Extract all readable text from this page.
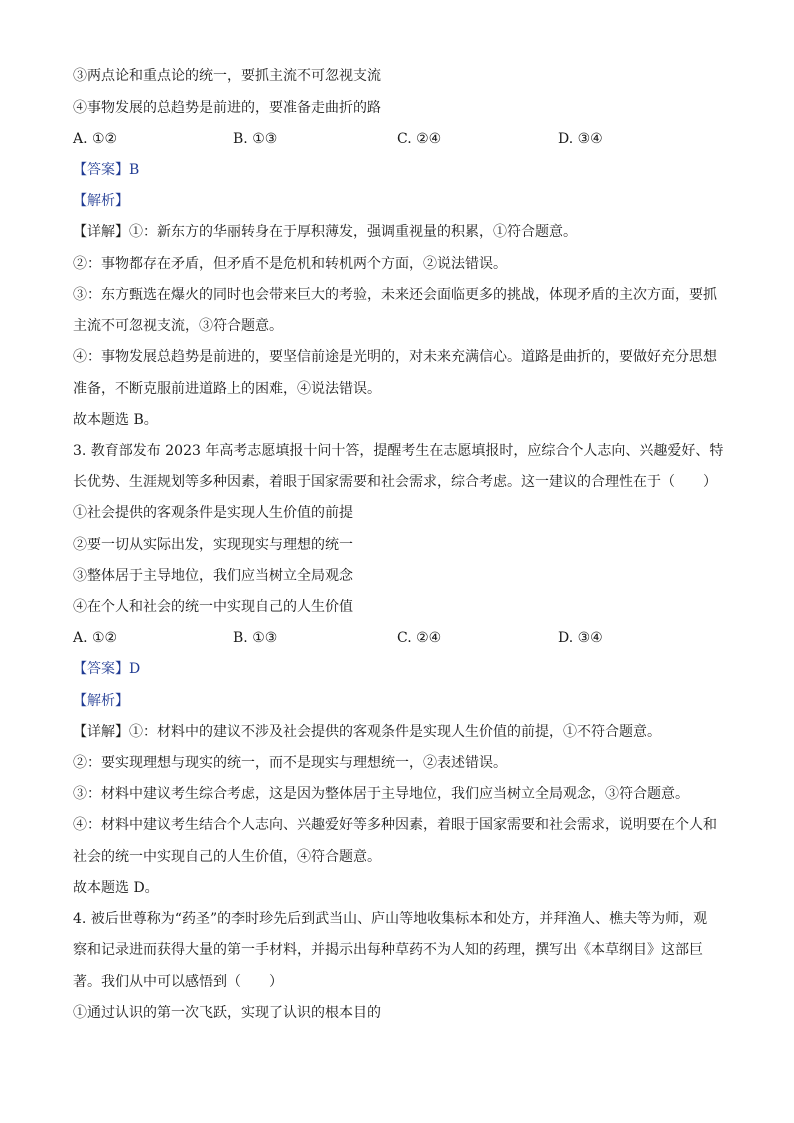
③两点论和重点论的统一，要抓主流不可忽视支流
④事物发展的总趋势是前进的，要准备走曲折的路
A. ①②	B. ①③	C. ②④	D. ③④
【答案】B
【解析】
【详解】①：新东方的华丽转身在于厚积薄发，强调重视量的积累，①符合题意。
②：事物都存在矛盾，但矛盾不是危机和转机两个方面，②说法错误。
③：东方甄选在爆火的同时也会带来巨大的考验，未来还会面临更多的挑战，体现矛盾的主次方面，要抓
主流不可忽视支流，③符合题意。
④：事物发展总趋势是前进的，要坚信前途是光明的，对未来充满信心。道路是曲折的，要做好充分思想
准备，不断克服前进道路上的困难，④说法错误。
故本题选 B。
3. 教育部发布 2023 年高考志愿填报十问十答，提醒考生在志愿填报时，应综合个人志向、兴趣爱好、特
长优势、生涯规划等多种因素，着眼于国家需要和社会需求，综合考虑。这一建议的合理性在于（　　）
①社会提供的客观条件是实现人生价值的前提
②要一切从实际出发，实现现实与理想的统一
③整体居于主导地位，我们应当树立全局观念
④在个人和社会的统一中实现自己的人生价值
A. ①②	B. ①③	C. ②④	D. ③④
【答案】D
【解析】
【详解】①：材料中的建议不涉及社会提供的客观条件是实现人生价值的前提，①不符合题意。
②：要实现理想与现实的统一，而不是现实与理想统一，②表述错误。
③：材料中建议考生综合考虑，这是因为整体居于主导地位，我们应当树立全局观念，③符合题意。
④：材料中建议考生结合个人志向、兴趣爱好等多种因素，着眼于国家需要和社会需求，说明要在个人和
社会的统一中实现自己的人生价值，④符合题意。
故本题选 D。
4. 被后世尊称为“药圣”的李时珍先后到武当山、庐山等地收集标本和处方，并拜渔人、樵夫等为师，观
察和记录进而获得大量的第一手材料，并揭示出每种草药不为人知的药理，撰写出《本草纲目》这部巨
著。我们从中可以感悟到（　　）
①通过认识的第一次飞跃，实现了认识的根本目的
